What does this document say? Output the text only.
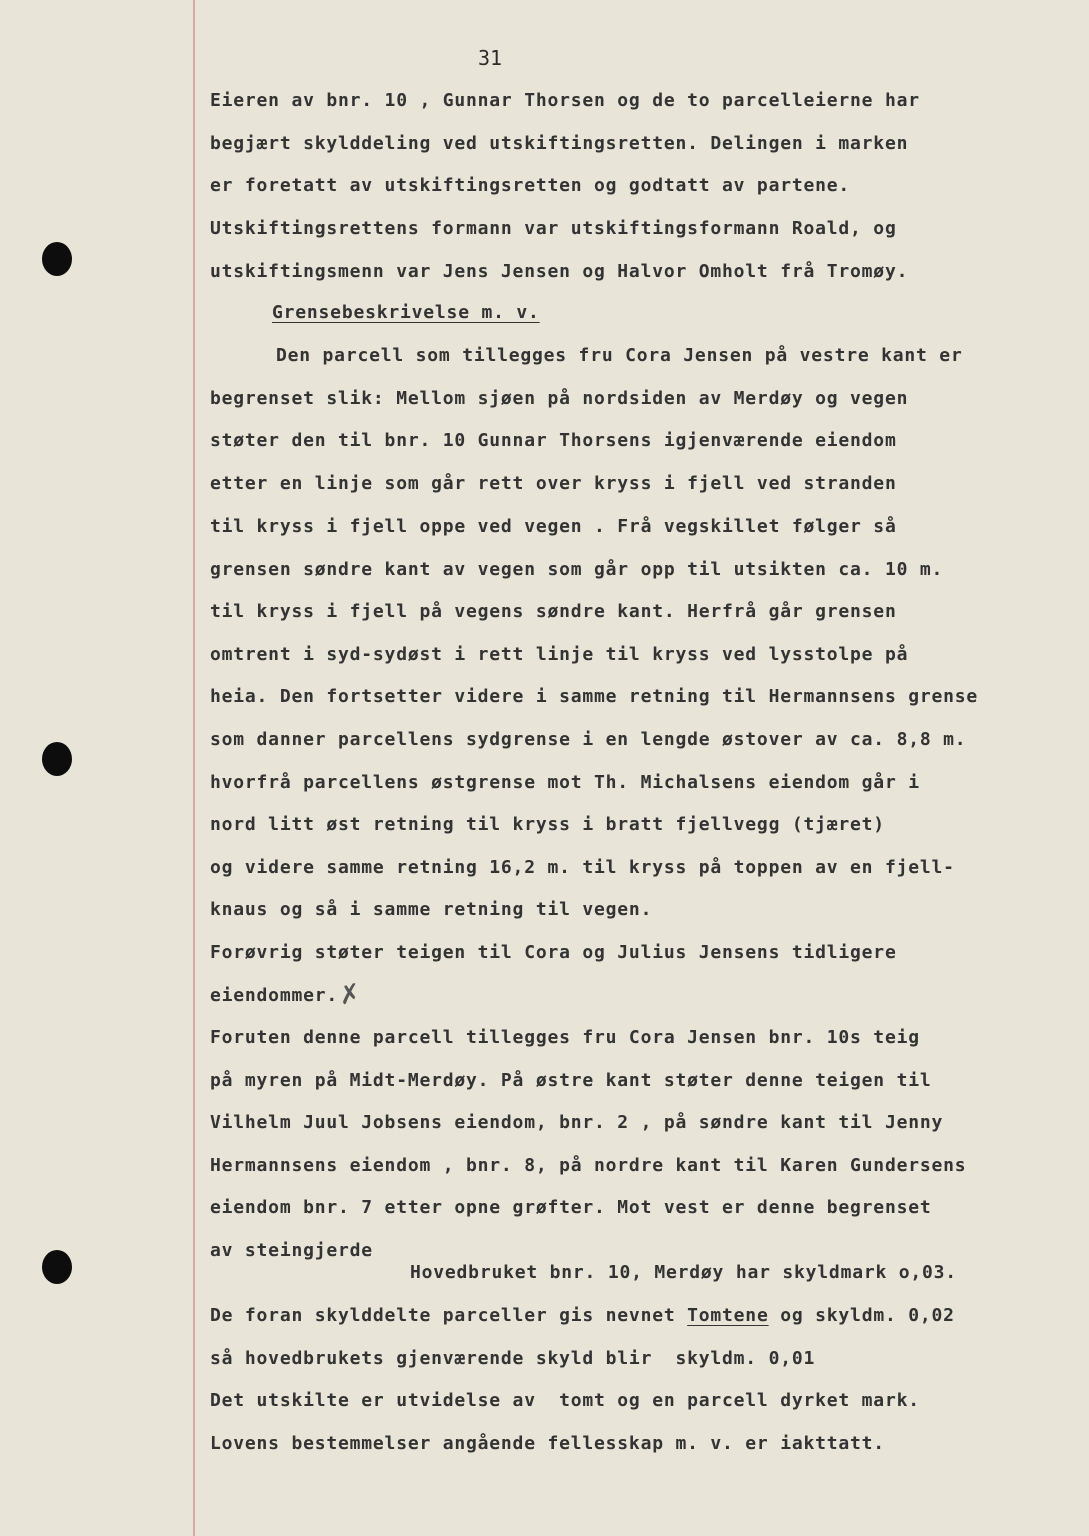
31
Eieren av bnr. 10 , Gunnar Thorsen og de to parcelleierne har
begjært skylddeling ved utskiftingsretten. Delingen i marken
er foretatt av utskiftingsretten og godtatt av partene.
Utskiftingsrettens formann var utskiftingsformann Roald, og
utskiftingsmenn var Jens Jensen og Halvor Omholt frå Tromøy.
Grensebeskrivelse m. v.
Den parcell som tillegges fru Cora Jensen på vestre kant er
begrenset slik: Mellom sjøen på nordsiden av Merdøy og vegen
støter den til bnr. 10 Gunnar Thorsens igjenværende eiendom
etter en linje som går rett over kryss i fjell ved stranden
til kryss i fjell oppe ved vegen . Frå vegskillet følger så
grensen søndre kant av vegen som går opp til utsikten ca. 10 m.
til kryss i fjell på vegens søndre kant. Herfrå går grensen
omtrent i syd-sydøst i rett linje til kryss ved lysstolpe på
heia. Den fortsetter videre i samme retning til Hermannsens grense
som danner parcellens sydgrense i en lengde østover av ca. 8,8 m.
hvorfrå parcellens østgrense mot Th. Michalsens eiendom går i
nord litt øst retning til kryss i bratt fjellvegg (tjæret)
og videre samme retning 16,2 m. til kryss på toppen av en fjell-
knaus og så i samme retning til vegen.
Forøvrig støter teigen til Cora og Julius Jensens tidligere
eiendommer.
✗
Foruten denne parcell tillegges fru Cora Jensen bnr. 10s teig
på myren på Midt-Merdøy. På østre kant støter denne teigen til
Vilhelm Juul Jobsens eiendom, bnr. 2 , på søndre kant til Jenny
Hermannsens eiendom , bnr. 8, på nordre kant til Karen Gundersens
eiendom bnr. 7 etter opne grøfter. Mot vest er denne begrenset
av steingjerde
Hovedbruket bnr. 10, Merdøy har skyldmark o,03.
De foran skylddelte parceller gis nevnet Tomtene og skyldm. 0,02
så hovedbrukets gjenværende skyld blir  skyldm. 0,01
Det utskilte er utvidelse av  tomt og en parcell dyrket mark.
Lovens bestemmelser angående fellesskap m. v. er iakttatt.
